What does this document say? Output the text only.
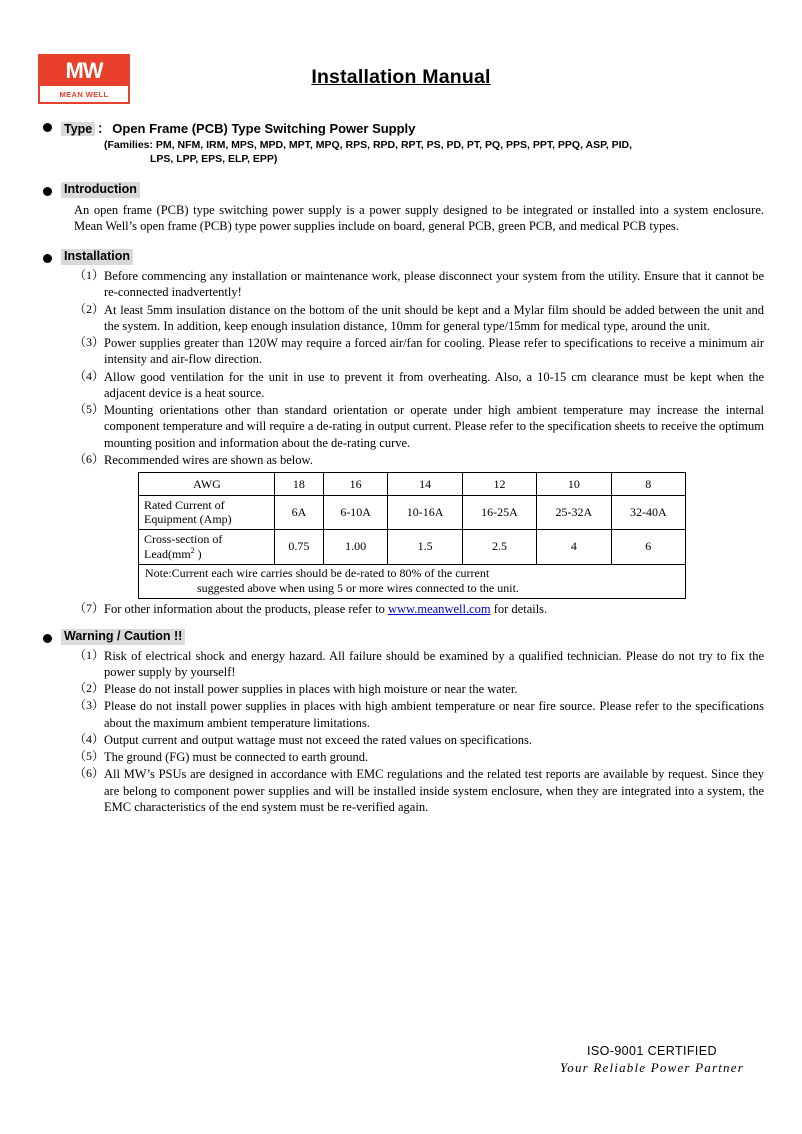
MW
MEAN WELL
Installation Manual
Type ： Open Frame (PCB) Type Switching Power Supply
(Families: PM, NFM, IRM, MPS, MPD, MPT, MPQ, RPS, RPD, RPT, PS, PD, PT, PQ, PPS, PPT, PPQ, ASP, PID,
LPS, LPP, EPS, ELP, EPP)
Introduction
An open frame (PCB) type switching power supply is a power supply designed to be integrated or installed into a system enclosure. Mean Well’s open frame (PCB) type power supplies include on board, general PCB, green PCB, and medical PCB types.
Installation
（1） Before commencing any installation or maintenance work, please disconnect your system from the utility. Ensure that it cannot be re-connected inadvertently!
（2） At least 5mm insulation distance on the bottom of the unit should be kept and a Mylar film should be added between the unit and the system. In addition, keep enough insulation distance, 10mm for general type/15mm for medical type, around the unit.
（3） Power supplies greater than 120W may require a forced air/fan for cooling. Please refer to specifications to receive a minimum air intensity and air-flow direction.
（4） Allow good ventilation for the unit in use to prevent it from overheating. Also, a 10-15 cm clearance must be kept when the adjacent device is a heat source.
（5） Mounting orientations other than standard orientation or operate under high ambient temperature may increase the internal component temperature and will require a de-rating in output current. Please refer to the specification sheets to receive the optimum mounting position and information about the de-rating curve.
（6） Recommended wires are shown as below.
AWG	18	16	14	12	10	8
Rated Current of Equipment (Amp)	6A	6-10A	10-16A	16-25A	25-32A	32-40A
Cross-section of $Lead(mm^2$ )	0.75	1.00	1.5	2.5	4	6
Note:Current each wire carries should be de-rated to 80% of the current
suggested above when using 5 or more wires connected to the unit.						
（7） For other information about the products, please refer to www.meanwell.com for details.
Warning / Caution !!
（1） Risk of electrical shock and energy hazard. All failure should be examined by a qualified technician. Please do not try to fix the power supply by yourself!
（2） Please do not install power supplies in places with high moisture or near the water.
（3） Please do not install power supplies in places with high ambient temperature or near fire source. Please refer to the specifications about the maximum ambient temperature limitations.
（4） Output current and output wattage must not exceed the rated values on specifications.
（5） The ground (FG) must be connected to earth ground.
（6） All MW’s PSUs are designed in accordance with EMC regulations and the related test reports are available by request. Since they are belong to component power supplies and will be installed inside system enclosure, when they are integrated into a system, the EMC characteristics of the end system must be re-verified again.
ISO-9001 CERTIFIED
Your Reliable Power Partner
